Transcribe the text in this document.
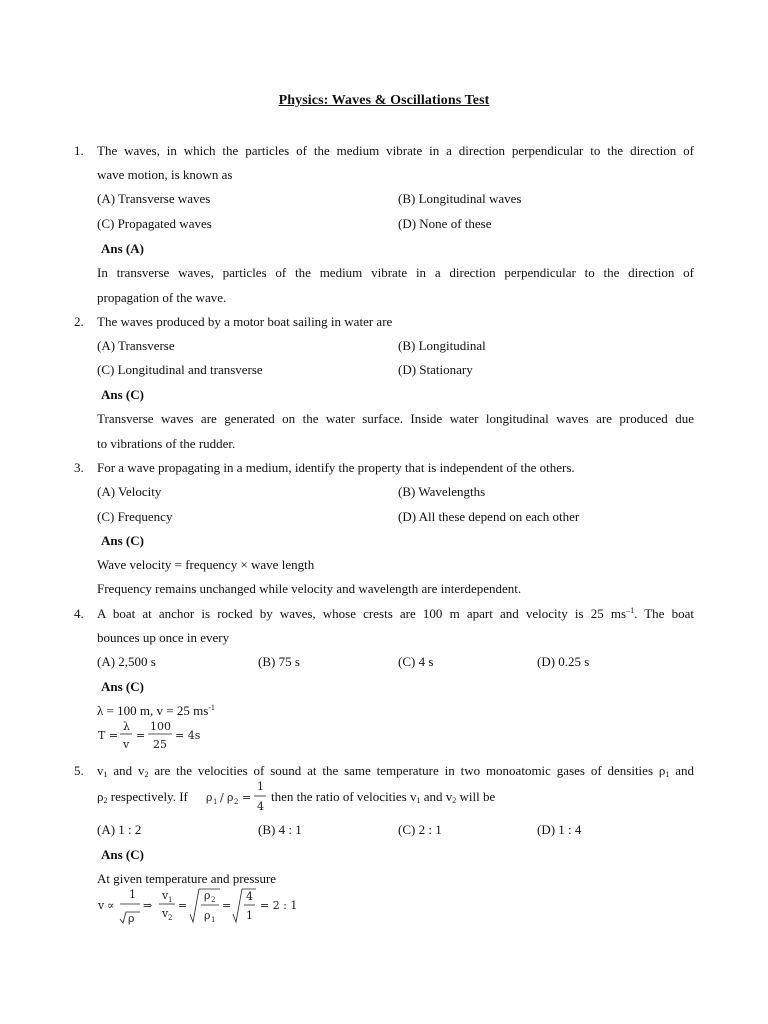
Physics: Waves & Oscillations Test
1. The waves, in which the particles of the medium vibrate in a direction perpendicular to the direction of
wave motion, is known as
(A) Transverse waves	(B) Longitudinal waves
(C) Propagated waves	(D) None of these
Ans (A)
In transverse waves, particles of the medium vibrate in a direction perpendicular to the direction of
propagation of the wave.
2. The waves produced by a motor boat sailing in water are
(A) Transverse	(B) Longitudinal
(C) Longitudinal and transverse	(D) Stationary
Ans (C)
Transverse waves are generated on the water surface. Inside water longitudinal waves are produced due
to vibrations of the rudder.
3. For a wave propagating in a medium, identify the property that is independent of the others.
(A) Velocity	(B) Wavelengths
(C) Frequency	(D) All these depend on each other
Ans (C)
Wave velocity = frequency × wave length
Frequency remains unchanged while velocity and wavelength are interdependent.
4. A boat at anchor is rocked by waves, whose crests are 100 m apart and velocity is 25 $ms^{-1}$. The boat
bounces up once in every
(A) 2,500 s	(B) 75 s	(C) 4 s	(D) 0.25 s
Ans (C)
λ = 100 m, v = 25 $ms^{-1}$
T =
λ
v
=
100
25
= 4s
5. $v_1$ and $v_2$ are the velocities of sound at the same temperature in two monoatomic gases of densities $\rho_1$ and
$\rho_2$ respectively. If ρ 1 / ρ 2 =
1
4
then the ratio of velocities $v_1$ and $v_2$ will be
(A) 1 : 2	(B) 4 : 1	(C) 2 : 1	(D) 1 : 4
Ans (C)
At given temperature and pressure
v ∝
1
ρ
⇒
v 1
v 2
=
ρ 2
ρ 1
=
4
1
= 2 : 1
